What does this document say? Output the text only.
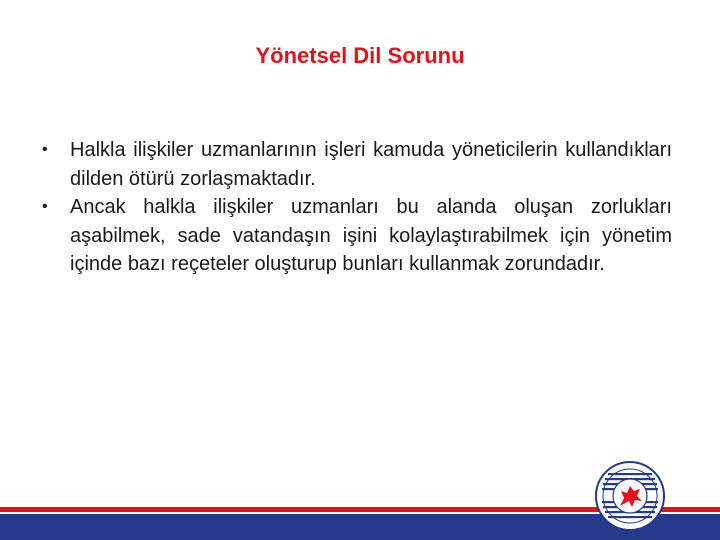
Yönetsel Dil Sorunu
• Halkla ilişkiler uzmanlarının işleri kamuda yöneticilerin kullandıkları dilden ötürü zorlaşmaktadır.
• Ancak halkla ilişkiler uzmanları bu alanda oluşan zorlukları aşabilmek, sade vatandaşın işini kolaylaştırabilmek için yönetim içinde bazı reçeteler oluşturup bunları kullanmak zorundadır.
